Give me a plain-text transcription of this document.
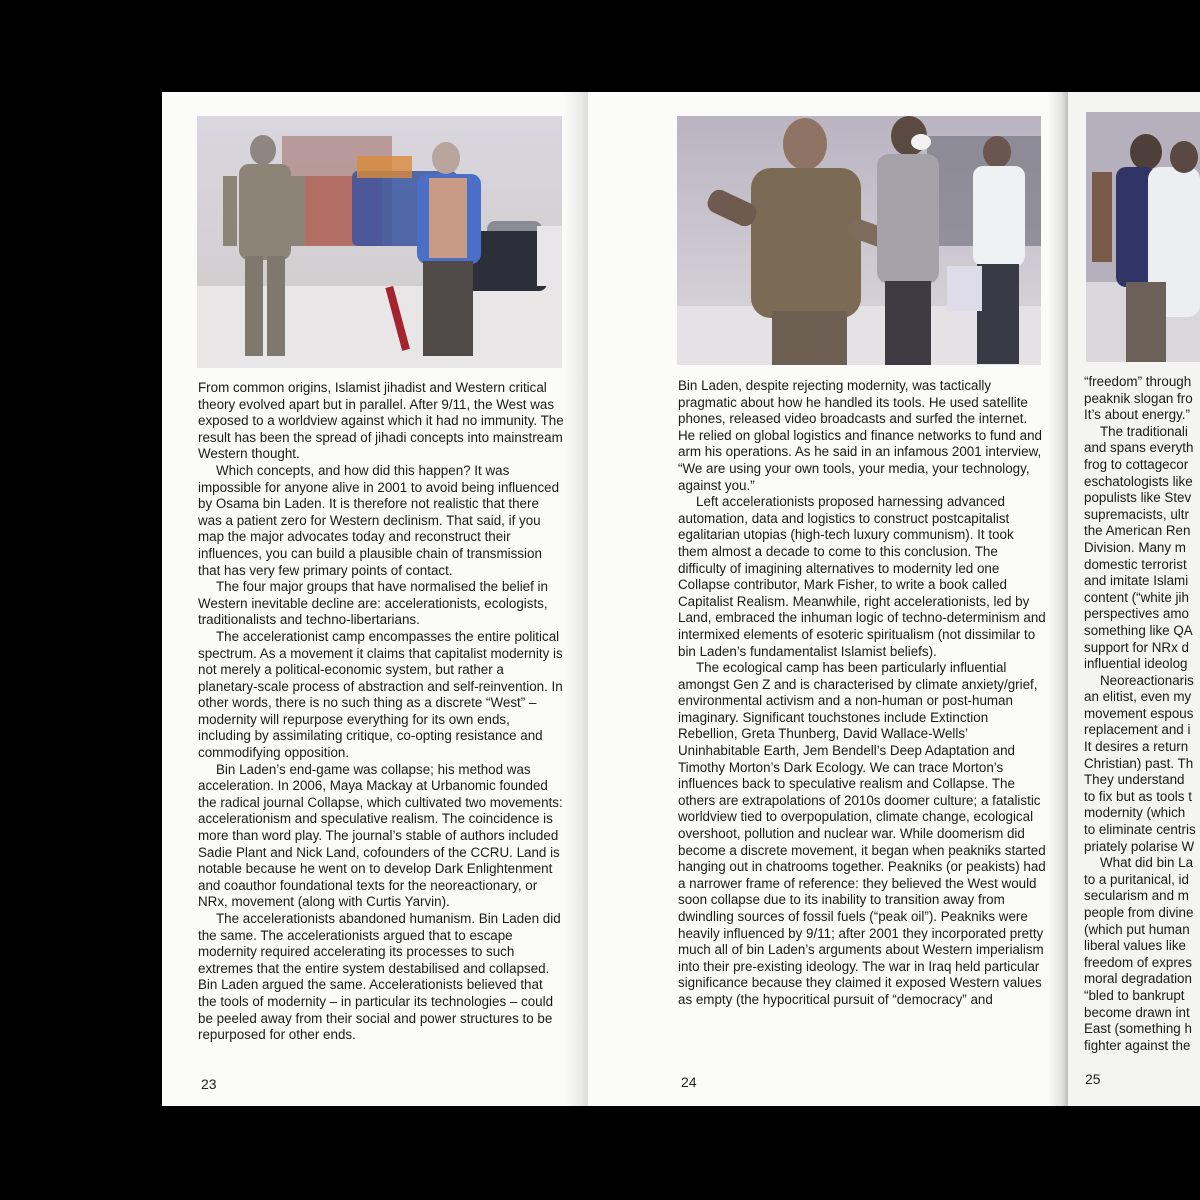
From common origins, Islamist jihadist and Western critical theory evolved apart but in parallel. After 9/11, the West was exposed to a worldview against which it had no immunity. The result has been the spread of jihadi concepts into mainstream Western thought.

Which concepts, and how did this happen? It was impossible for anyone alive in 2001 to avoid being influenced by Osama bin Laden. It is therefore not realistic that there was a patient zero for Western declinism. That said, if you map the major advocates today and reconstruct their influences, you can build a plausible chain of transmission that has very few primary points of contact.

The four major groups that have normalised the belief in Western inevitable decline are: accelerationists, ecologists, traditionalists and techno-libertarians.

The accelerationist camp encompasses the entire political spectrum. As a movement it claims that capitalist modernity is not merely a political-economic system, but rather a planetary-scale process of abstraction and self-reinvention. In other words, there is no such thing as a discrete “West” – modernity will repurpose everything for its own ends, including by assimilating critique, co-opting resistance and commodifying opposition.

Bin Laden’s end-game was collapse; his method was acceleration. In 2006, Maya Mackay at Urbanomic founded the radical journal Collapse, which cultivated two movements: accelerationism and speculative realism. The coincidence is more than word play. The journal’s stable of authors included Sadie Plant and Nick Land, cofounders of the CCRU. Land is notable because he went on to develop Dark Enlightenment and coauthor foundational texts for the neoreactionary, or NRx, movement (along with Curtis Yarvin).

The accelerationists abandoned humanism. Bin Laden did the same. The accelerationists argued that to escape modernity required accelerating its processes to such extremes that the entire system destabilised and collapsed. Bin Laden argued the same. Accelerationists believed that the tools of modernity – in particular its technologies – could be peeled away from their social and power structures to be repurposed for other ends.

Bin Laden, despite rejecting modernity, was tactically pragmatic about how he handled its tools. He used satellite phones, released video broadcasts and surfed the internet. He relied on global logistics and finance networks to fund and arm his operations. As he said in an infamous 2001 interview, “We are using your own tools, your media, your technology, against you.”

Left accelerationists proposed harnessing advanced automation, data and logistics to construct postcapitalist egalitarian utopias (high-tech luxury communism). It took them almost a decade to come to this conclusion. The difficulty of imagining alternatives to modernity led one Collapse contributor, Mark Fisher, to write a book called Capitalist Realism. Meanwhile, right accelerationists, led by Land, embraced the inhuman logic of techno-determinism and intermixed elements of esoteric spiritualism (not dissimilar to bin Laden’s fundamentalist Islamist beliefs).

The ecological camp has been particularly influential amongst Gen Z and is characterised by climate anxiety/grief, environmental activism and a non-human or post-human imaginary. Significant touchstones include Extinction Rebellion, Greta Thunberg, David Wallace-Wells’ Uninhabitable Earth, Jem Bendell’s Deep Adaptation and Timothy Morton’s Dark Ecology. We can trace Morton’s influences back to speculative realism and Collapse. The others are extrapolations of 2010s doomer culture; a fatalistic worldview tied to overpopulation, climate change, ecological overshoot, pollution and nuclear war. While doomerism did become a discrete movement, it began when peakniks started hanging out in chatrooms together. Peakniks (or peakists) had a narrower frame of reference: they believed the West would soon collapse due to its inability to transition away from dwindling sources of fossil fuels (“peak oil”). Peakniks were heavily influenced by 9/11; after 2001 they incorporated pretty much all of bin Laden’s arguments about Western imperialism into their pre-existing ideology. The war in Iraq held particular significance because they claimed it exposed Western values as empty (the hypocritical pursuit of “democracy” and

“freedom” through
peaknik slogan fro
It’s about energy.”
The traditionali
and spans everyth
frog to cottagecor
eschatologists like
populists like Stev
supremacists, ultr
the American Ren
Division. Many m
domestic terrorist
and imitate Islami
content (“white jih
perspectives amo
something like QA
support for NRx d
influential ideolog
Neoreactionaris
an elitist, even my
movement espous
replacement and i
It desires a return
Christian) past. Th
They understand
to fix but as tools t
modernity (which
to eliminate centris
priately polarise W
What did bin La
to a puritanical, id
secularism and m
people from divine
(which put human
liberal values like
freedom of expres
moral degradation
“bled to bankrupt
become drawn int
East (something h
fighter against the
23	24	25
